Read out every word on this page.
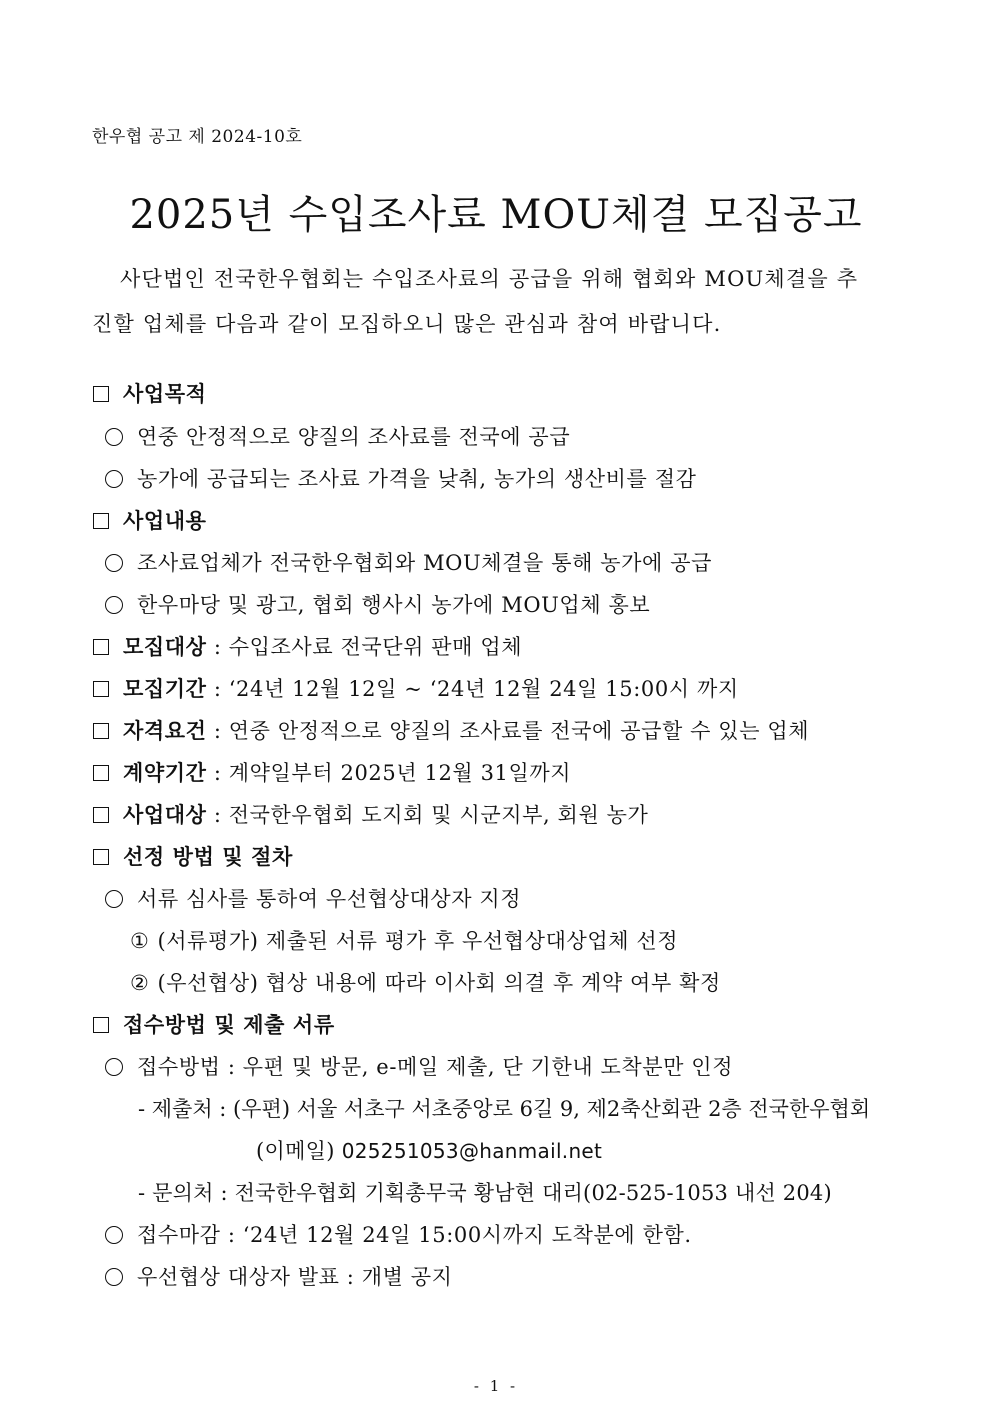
한우협 공고 제 2024-10호
2025년 수입조사료 MOU체결 모집공고
사단법인 전국한우협회는 수입조사료의 공급을 위해 협회와 MOU체결을 추
진할 업체를 다음과 같이 모집하오니 많은 관심과 참여 바랍니다.
사업목적
연중 안정적으로 양질의 조사료를 전국에 공급
농가에 공급되는 조사료 가격을 낮춰, 농가의 생산비를 절감
사업내용
조사료업체가 전국한우협회와 MOU체결을 통해 농가에 공급
한우마당 및 광고, 협회 행사시 농가에 MOU업체 홍보
모집대상 : 수입조사료 전국단위 판매 업체
모집기간 : ‘24년 12월 12일 ~ ‘24년 12월 24일 15:00시 까지
자격요건 : 연중 안정적으로 양질의 조사료를 전국에 공급할 수 있는 업체
계약기간 : 계약일부터 2025년 12월 31일까지
사업대상 : 전국한우협회 도지회 및 시군지부, 회원 농가
선정 방법 및 절차
서류 심사를 통하여 우선협상대상자 지정
① (서류평가) 제출된 서류 평가 후 우선협상대상업체 선정
② (우선협상) 협상 내용에 따라 이사회 의결 후 계약 여부 확정
접수방법 및 제출 서류
접수방법 : 우편 및 방문, e-메일 제출, 단 기한내 도착분만 인정
- 제출처 : (우편) 서울 서초구 서초중앙로 6길 9, 제2축산회관 2층 전국한우협회
(이메일) 025251053@hanmail.net
- 문의처 : 전국한우협회 기획총무국 황남현 대리(02-525-1053 내선 204)
접수마감 : ‘24년 12월 24일 15:00시까지 도착분에 한함.
우선협상 대상자 발표 : 개별 공지
- 1 -
